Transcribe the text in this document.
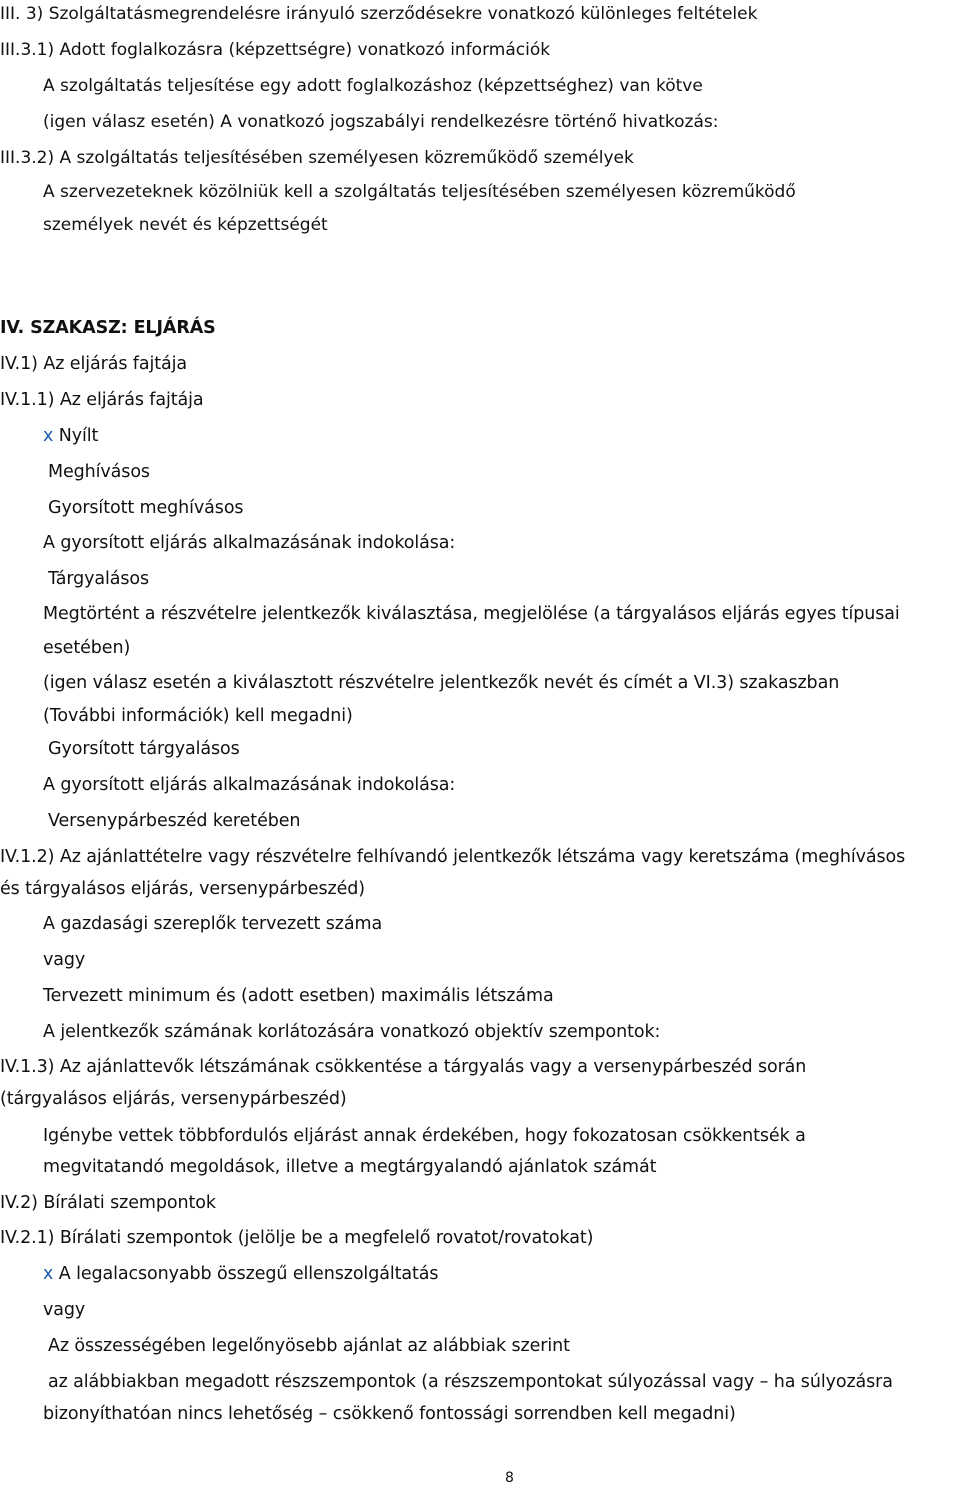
III. 3) Szolgáltatásmegrendelésre irányuló szerződésekre vonatkozó különleges feltételek
III.3.1) Adott foglalkozásra (képzettségre) vonatkozó információk
A szolgáltatás teljesítése egy adott foglalkozáshoz (képzettséghez) van kötve
(igen válasz esetén) A vonatkozó jogszabályi rendelkezésre történő hivatkozás:
III.3.2) A szolgáltatás teljesítésében személyesen közreműködő személyek
A szervezeteknek közölniük kell a szolgáltatás teljesítésében személyesen közreműködő
személyek nevét és képzettségét
IV. SZAKASZ: ELJÁRÁS
IV.1) Az eljárás fajtája
IV.1.1) Az eljárás fajtája
x Nyílt
Meghívásos
Gyorsított meghívásos
A gyorsított eljárás alkalmazásának indokolása:
Tárgyalásos
Megtörtént a részvételre jelentkezők kiválasztása, megjelölése (a tárgyalásos eljárás egyes típusai
esetében)
(igen válasz esetén a kiválasztott részvételre jelentkezők nevét és címét a VI.3) szakaszban
(További információk) kell megadni)
Gyorsított tárgyalásos
A gyorsított eljárás alkalmazásának indokolása:
Versenypárbeszéd keretében
IV.1.2) Az ajánlattételre vagy részvételre felhívandó jelentkezők létszáma vagy keretszáma (meghívásos
és tárgyalásos eljárás, versenypárbeszéd)
A gazdasági szereplők tervezett száma
vagy
Tervezett minimum és (adott esetben) maximális létszáma
A jelentkezők számának korlátozására vonatkozó objektív szempontok:
IV.1.3) Az ajánlattevők létszámának csökkentése a tárgyalás vagy a versenypárbeszéd során
(tárgyalásos eljárás, versenypárbeszéd)
Igénybe vettek többfordulós eljárást annak érdekében, hogy fokozatosan csökkentsék a
megvitatandó megoldások, illetve a megtárgyalandó ajánlatok számát
IV.2) Bírálati szempontok
IV.2.1) Bírálati szempontok (jelölje be a megfelelő rovatot/rovatokat)
x A legalacsonyabb összegű ellenszolgáltatás
vagy
Az összességében legelőnyösebb ajánlat az alábbiak szerint
az alábbiakban megadott részszempontok (a részszempontokat súlyozással vagy – ha súlyozásra
bizonyíthatóan nincs lehetőség – csökkenő fontossági sorrendben kell megadni)
8
